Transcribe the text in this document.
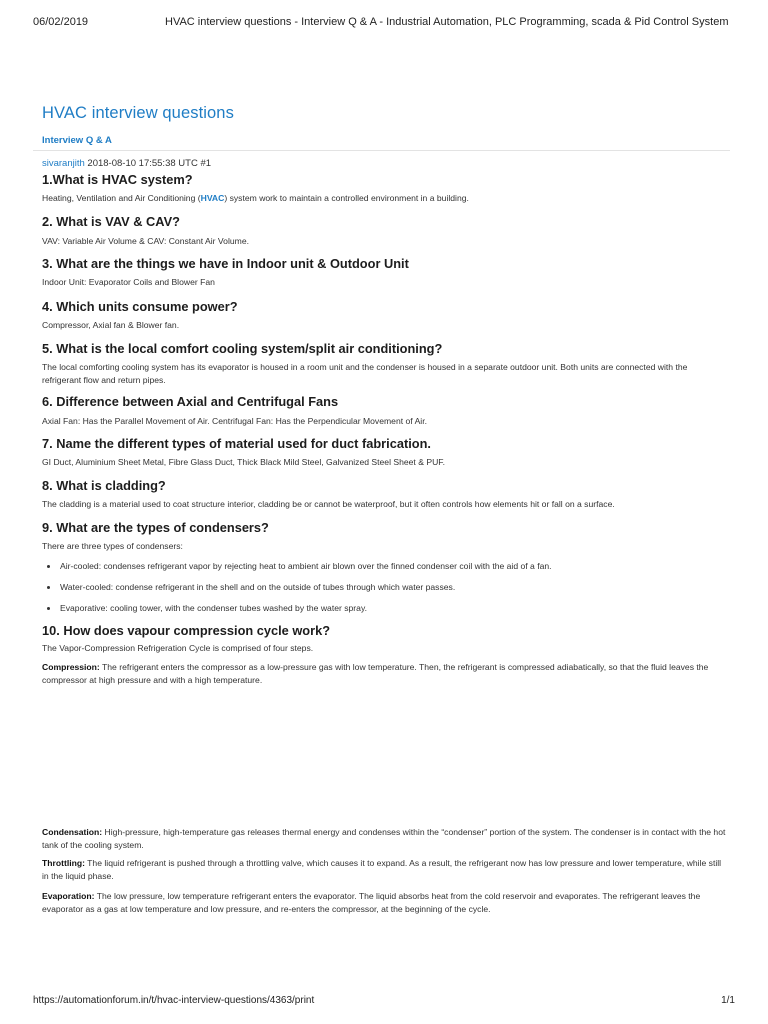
06/02/2019	HVAC interview questions - Interview Q & A - Industrial Automation, PLC Programming, scada & Pid Control System
HVAC interview questions
Interview Q & A
sivaranjith 2018-08-10 17:55:38 UTC #1
1.What is HVAC system?

Heating, Ventilation and Air Conditioning (HVAC) system work to maintain a controlled environment in a building.

2. What is VAV & CAV?

VAV: Variable Air Volume & CAV: Constant Air Volume.

3. What are the things we have in Indoor unit & Outdoor Unit

Indoor Unit: Evaporator Coils and Blower Fan

4. Which units consume power?

Compressor, Axial fan & Blower fan.

5. What is the local comfort cooling system/split air conditioning?

The local comforting cooling system has its evaporator is housed in a room unit and the condenser is housed in a separate outdoor unit. Both units are connected with the refrigerant flow and return pipes.

6. Difference between Axial and Centrifugal Fans

Axial Fan: Has the Parallel Movement of Air. Centrifugal Fan: Has the Perpendicular Movement of Air.

7. Name the different types of material used for duct fabrication.

GI Duct, Aluminium Sheet Metal, Fibre Glass Duct, Thick Black Mild Steel, Galvanized Steel Sheet & PUF.

8. What is cladding?

The cladding is a material used to coat structure interior, cladding be or cannot be waterproof, but it often controls how elements hit or fall on a surface.

9. What are the types of condensers?

There are three types of condensers:

Air-cooled: condenses refrigerant vapor by rejecting heat to ambient air blown over the finned condenser coil with the aid of a fan.
Water-cooled: condense refrigerant in the shell and on the outside of tubes through which water passes.
Evaporative: cooling tower, with the condenser tubes washed by the water spray.
10. How does vapour compression cycle work?

The Vapor-Compression Refrigeration Cycle is comprised of four steps.

Compression: The refrigerant enters the compressor as a low-pressure gas with low temperature. Then, the refrigerant is compressed adiabatically, so that the fluid leaves the compressor at high pressure and with a high temperature.

Condensation: High-pressure, high-temperature gas releases thermal energy and condenses within the “condenser” portion of the system. The condenser is in contact with the hot tank of the cooling system.

Throttling: The liquid refrigerant is pushed through a throttling valve, which causes it to expand. As a result, the refrigerant now has low pressure and lower temperature, while still in the liquid phase.

Evaporation: The low pressure, low temperature refrigerant enters the evaporator. The liquid absorbs heat from the cold reservoir and evaporates. The refrigerant leaves the evaporator as a gas at low temperature and low pressure, and re-enters the compressor, at the beginning of the cycle.

https://automationforum.in/t/hvac-interview-questions/4363/print	1/1
